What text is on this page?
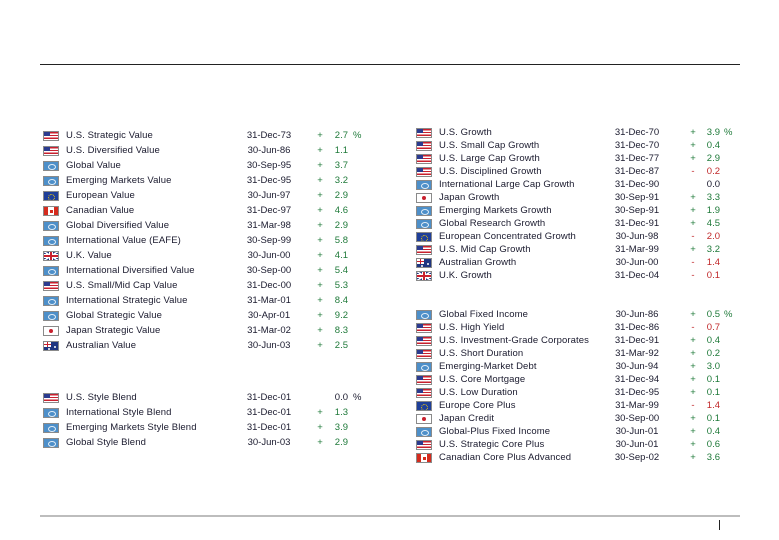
U.S. Strategic Value	31-Dec-73	+	2.7 %
U.S. Diversified Value	30-Jun-86	+	1.1
Global Value	30-Sep-95	+	3.7
Emerging Markets Value	31-Dec-95	+	3.2
European Value	30-Jun-97	+	2.9
Canadian Value	31-Dec-97	+	4.6
Global Diversified Value	31-Mar-98	+	2.9
International Value (EAFE)	30-Sep-99	+	5.8
U.K. Value	30-Jun-00	+	4.1
International Diversified Value	30-Sep-00	+	5.4
U.S. Small/Mid Cap Value	31-Dec-00	+	5.3
International Strategic Value	31-Mar-01	+	8.4
Global Strategic Value	30-Apr-01	+	9.2
Japan Strategic Value	31-Mar-02	+	8.3
Australian Value	30-Jun-03	+	2.5
U.S. Style Blend	31-Dec-01	0.0 %
International Style Blend	31-Dec-01	+	1.3
Emerging Markets Style Blend	31-Dec-01	+	3.9
Global Style Blend	30-Jun-03	+	2.9
U.S. Growth	31-Dec-70	+	3.9 %
U.S. Small Cap Growth	31-Dec-70	+	0.4
U.S. Large Cap Growth	31-Dec-77	+	2.9
U.S. Disciplined Growth	31-Dec-87	-	0.2
International Large Cap Growth	31-Dec-90	0.0
Japan Growth	30-Sep-91	+	3.3
Emerging Markets Growth	30-Sep-91	+	1.9
Global Research Growth	31-Dec-91	+	4.5
European Concentrated Growth	30-Jun-98	-	2.0
U.S. Mid Cap Growth	31-Mar-99	+	3.2
Australian Growth	30-Jun-00	-	1.4
U.K. Growth	31-Dec-04	-	0.1
Global Fixed Income	30-Jun-86	+	0.5 %
U.S. High Yield	31-Dec-86	-	0.7
U.S. Investment-Grade Corporates	31-Dec-91	+	0.4
U.S. Short Duration	31-Mar-92	+	0.2
Emerging-Market Debt	30-Jun-94	+	3.0
U.S. Core Mortgage	31-Dec-94	+	0.1
U.S. Low Duration	31-Dec-95	+	0.1
Europe Core Plus	31-Mar-99	-	1.4
Japan Credit	30-Sep-00	+	0.1
Global-Plus Fixed Income	30-Jun-01	+	0.4
U.S. Strategic Core Plus	30-Jun-01	+	0.6
Canadian Core Plus Advanced	30-Sep-02	+	3.6
